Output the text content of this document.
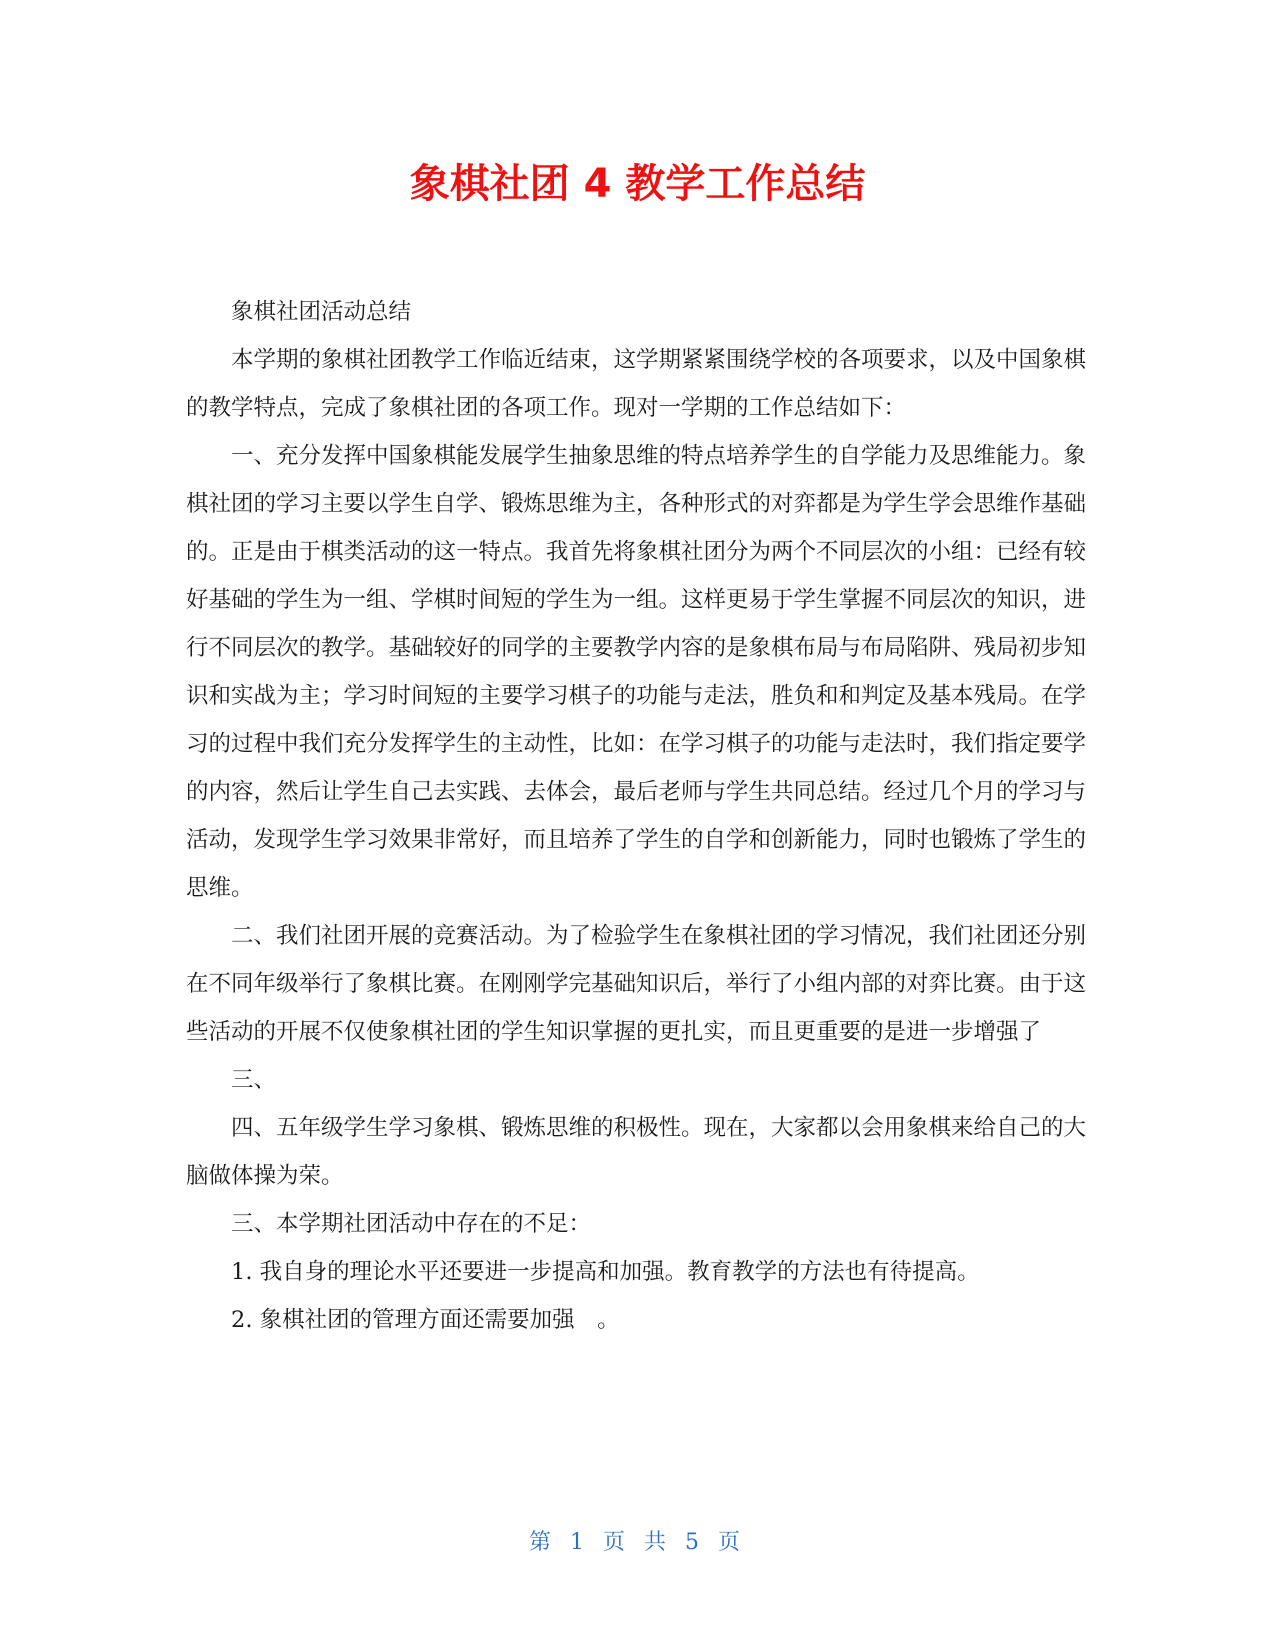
象棋社团 4 教学工作总结

象棋社团活动总结

本学期的象棋社团教学工作临近结束，这学期紧紧围绕学校的各项要求，以及中国象棋的教学特点，完成了象棋社团的各项工作。现对一学期的工作总结如下：

一、充分发挥中国象棋能发展学生抽象思维的特点培养学生的自学能力及思维能力。象棋社团的学习主要以学生自学、锻炼思维为主，各种形式的对弈都是为学生学会思维作基础的。正是由于棋类活动的这一特点。我首先将象棋社团分为两个不同层次的小组：已经有较好基础的学生为一组、学棋时间短的学生为一组。这样更易于学生掌握不同层次的知识，进行不同层次的教学。基础较好的同学的主要教学内容的是象棋布局与布局陷阱、残局初步知识和实战为主；学习时间短的主要学习棋子的功能与走法，胜负和和判定及基本残局。在学习的过程中我们充分发挥学生的主动性，比如：在学习棋子的功能与走法时，我们指定要学的内容，然后让学生自己去实践、去体会，最后老师与学生共同总结。经过几个月的学习与活动，发现学生学习效果非常好，而且培养了学生的自学和创新能力，同时也锻炼了学生的思维。

二、我们社团开展的竞赛活动。为了检验学生在象棋社团的学习情况，我们社团还分别在不同年级举行了象棋比赛。在刚刚学完基础知识后，举行了小组内部的对弈比赛。由于这些活动的开展不仅使象棋社团的学生知识掌握的更扎实，而且更重要的是进一步增强了

三、

四、五年级学生学习象棋、锻炼思维的积极性。现在，大家都以会用象棋来给自己的大脑做体操为荣。

三、本学期社团活动中存在的不足：

1. 我自身的理论水平还要进一步提高和加强。教育教学的方法也有待提高。

2. 象棋社团的管理方面还需要加强　。

第 1 页 共 5 页
